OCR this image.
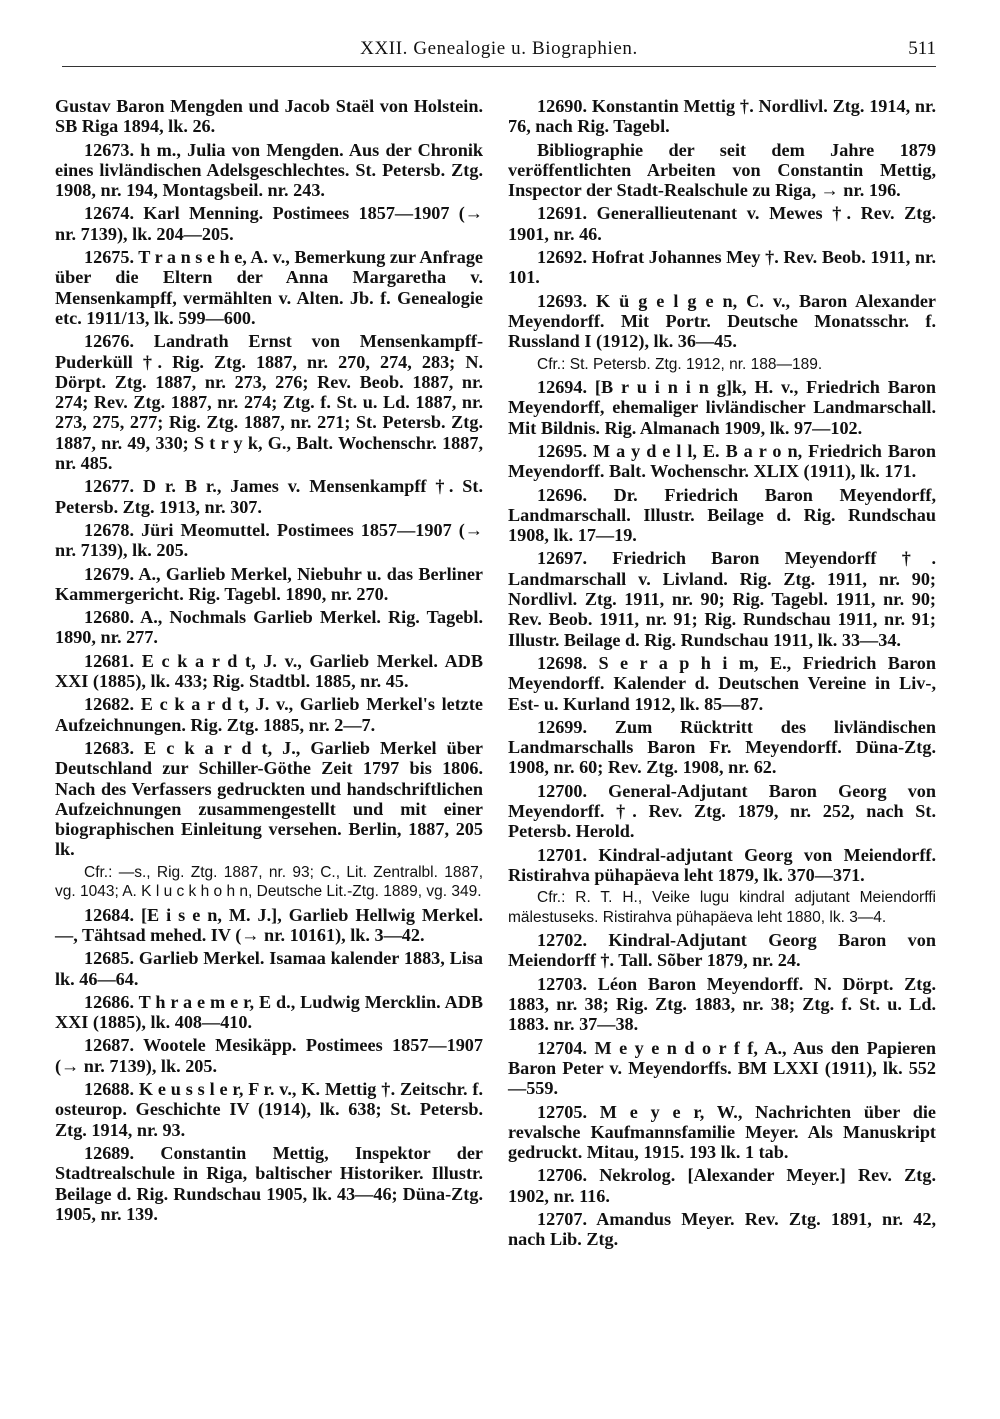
XXII. Genealogie u. Biographien.	511

Gustav Baron Mengden und Jacob Staël von Holstein. SB Riga 1894, lk. 26.

12673. h m., Julia von Mengden. Aus der Chronik eines livländischen Adelsgeschlechtes. St. Petersb. Ztg. 1908, nr. 194, Montagsbeil. nr. 243.

12674. Karl Menning. Postimees 1857—1907 (→ nr. 7139), lk. 204—205.

12675. T r a n s e h e, A. v., Bemerkung zur Anfrage über die Eltern der Anna Margaretha v. Mensenkampff, vermählten v. Alten. Jb. f. Genealogie etc. 1911/13, lk. 599—600.

12676. Landrath Ernst von Mensenkampff-Puderküll †. Rig. Ztg. 1887, nr. 270, 274, 283; N. Dörpt. Ztg. 1887, nr. 273, 276; Rev. Beob. 1887, nr. 274; Rev. Ztg. 1887, nr. 274; Ztg. f. St. u. Ld. 1887, nr. 273, 275, 277; Rig. Ztg. 1887, nr. 271; St. Petersb. Ztg. 1887, nr. 49, 330; S t r y k, G., Balt. Wochenschr. 1887, nr. 485.

12677. D r. B r., James v. Mensenkampff †. St. Petersb. Ztg. 1913, nr. 307.

12678. Jüri Meomuttel. Postimees 1857—1907 (→ nr. 7139), lk. 205.

12679. A., Garlieb Merkel, Niebuhr u. das Berliner Kammergericht. Rig. Tagebl. 1890, nr. 270.

12680. A., Nochmals Garlieb Merkel. Rig. Tagebl. 1890, nr. 277.

12681. E c k a r d t, J. v., Garlieb Merkel. ADB XXI (1885), lk. 433; Rig. Stadtbl. 1885, nr. 45.

12682. E c k a r d t, J. v., Garlieb Merkel's letzte Aufzeichnungen. Rig. Ztg. 1885, nr. 2—7.

12683. E c k a r d t, J., Garlieb Merkel über Deutschland zur Schiller-Göthe Zeit 1797 bis 1806. Nach des Verfassers gedruckten und handschriftlichen Aufzeichnungen zusammengestellt und mit einer biographischen Einleitung versehen. Berlin, 1887, 205 lk.

Cfr.: —s., Rig. Ztg. 1887, nr. 93; C., Lit. Zentralbl. 1887, vg. 1043; A. K l u c k h o h n, Deutsche Lit.-Ztg. 1889, vg. 349.

12684. [E i s e n, M. J.], Garlieb Hellwig Merkel. —, Tähtsad mehed. IV (→ nr. 10161), lk. 3—42.

12685. Garlieb Merkel. Isamaa kalender 1883, Lisa lk. 46—64.

12686. T h r a e m e r, E d., Ludwig Mercklin. ADB XXI (1885), lk. 408—410.

12687. Wootele Mesikäpp. Postimees 1857—1907 (→ nr. 7139), lk. 205.

12688. K e u s s l e r, F r. v., K. Mettig †. Zeitschr. f. osteurop. Geschichte IV (1914), lk. 638; St. Petersb. Ztg. 1914, nr. 93.

12689. Constantin Mettig, Inspektor der Stadtrealschule in Riga, baltischer Historiker. Illustr. Beilage d. Rig. Rundschau 1905, lk. 43—46; Düna-Ztg. 1905, nr. 139.

12690. Konstantin Mettig †. Nordlivl. Ztg. 1914, nr. 76, nach Rig. Tagebl.

Bibliographie der seit dem Jahre 1879 veröffentlichten Arbeiten von Constantin Mettig, Inspector der Stadt-Realschule zu Riga, → nr. 196.

12691. Generallieutenant v. Mewes †. Rev. Ztg. 1901, nr. 46.

12692. Hofrat Johannes Mey †. Rev. Beob. 1911, nr. 101.

12693. K ü g e l g e n, C. v., Baron Alexander Meyendorff. Mit Portr. Deutsche Monatsschr. f. Russland I (1912), lk. 36—45.

Cfr.: St. Petersb. Ztg. 1912, nr. 188—189.

12694. [B r u i n i n g]k, H. v., Friedrich Baron Meyendorff, ehemaliger livländischer Landmarschall. Mit Bildnis. Rig. Almanach 1909, lk. 97—102.

12695. M a y d e l l, E. B a r o n, Friedrich Baron Meyendorff. Balt. Wochenschr. XLIX (1911), lk. 171.

12696. Dr. Friedrich Baron Meyendorff, Landmarschall. Illustr. Beilage d. Rig. Rundschau 1908, lk. 17—19.

12697. Friedrich Baron Meyendorff †. Landmarschall v. Livland. Rig. Ztg. 1911, nr. 90; Nordlivl. Ztg. 1911, nr. 90; Rig. Tagebl. 1911, nr. 90; Rev. Beob. 1911, nr. 91; Rig. Rundschau 1911, nr. 91; Illustr. Beilage d. Rig. Rundschau 1911, lk. 33—34.

12698. S e r a p h i m, E., Friedrich Baron Meyendorff. Kalender d. Deutschen Vereine in Liv-, Est- u. Kurland 1912, lk. 85—87.

12699. Zum Rücktritt des livländischen Landmarschalls Baron Fr. Meyendorff. Düna-Ztg. 1908, nr. 60; Rev. Ztg. 1908, nr. 62.

12700. General-Adjutant Baron Georg von Meyendorff. †. Rev. Ztg. 1879, nr. 252, nach St. Petersb. Herold.

12701. Kindral-adjutant Georg von Meiendorff. Ristirahva pühapäeva leht 1879, lk. 370—371.

Cfr.: R. T. H., Veike lugu kindral adjutant Meiendorffi mälestuseks. Ristirahva pühapäeva leht 1880, lk. 3—4.

12702. Kindral-Adjutant Georg Baron von Meiendorff †. Tall. Sõber 1879, nr. 24.

12703. Léon Baron Meyendorff. N. Dörpt. Ztg. 1883, nr. 38; Rig. Ztg. 1883, nr. 38; Ztg. f. St. u. Ld. 1883. nr. 37—38.

12704. M e y e n d o r f f, A., Aus den Papieren Baron Peter v. Meyendorffs. BM LXXI (1911), lk. 552—559.

12705. M e y e r, W., Nachrichten über die revalsche Kaufmannsfamilie Meyer. Als Manuskript gedruckt. Mitau, 1915. 193 lk. 1 tab.

12706. Nekrolog. [Alexander Meyer.] Rev. Ztg. 1902, nr. 116.

12707. Amandus Meyer. Rev. Ztg. 1891, nr. 42, nach Lib. Ztg.
